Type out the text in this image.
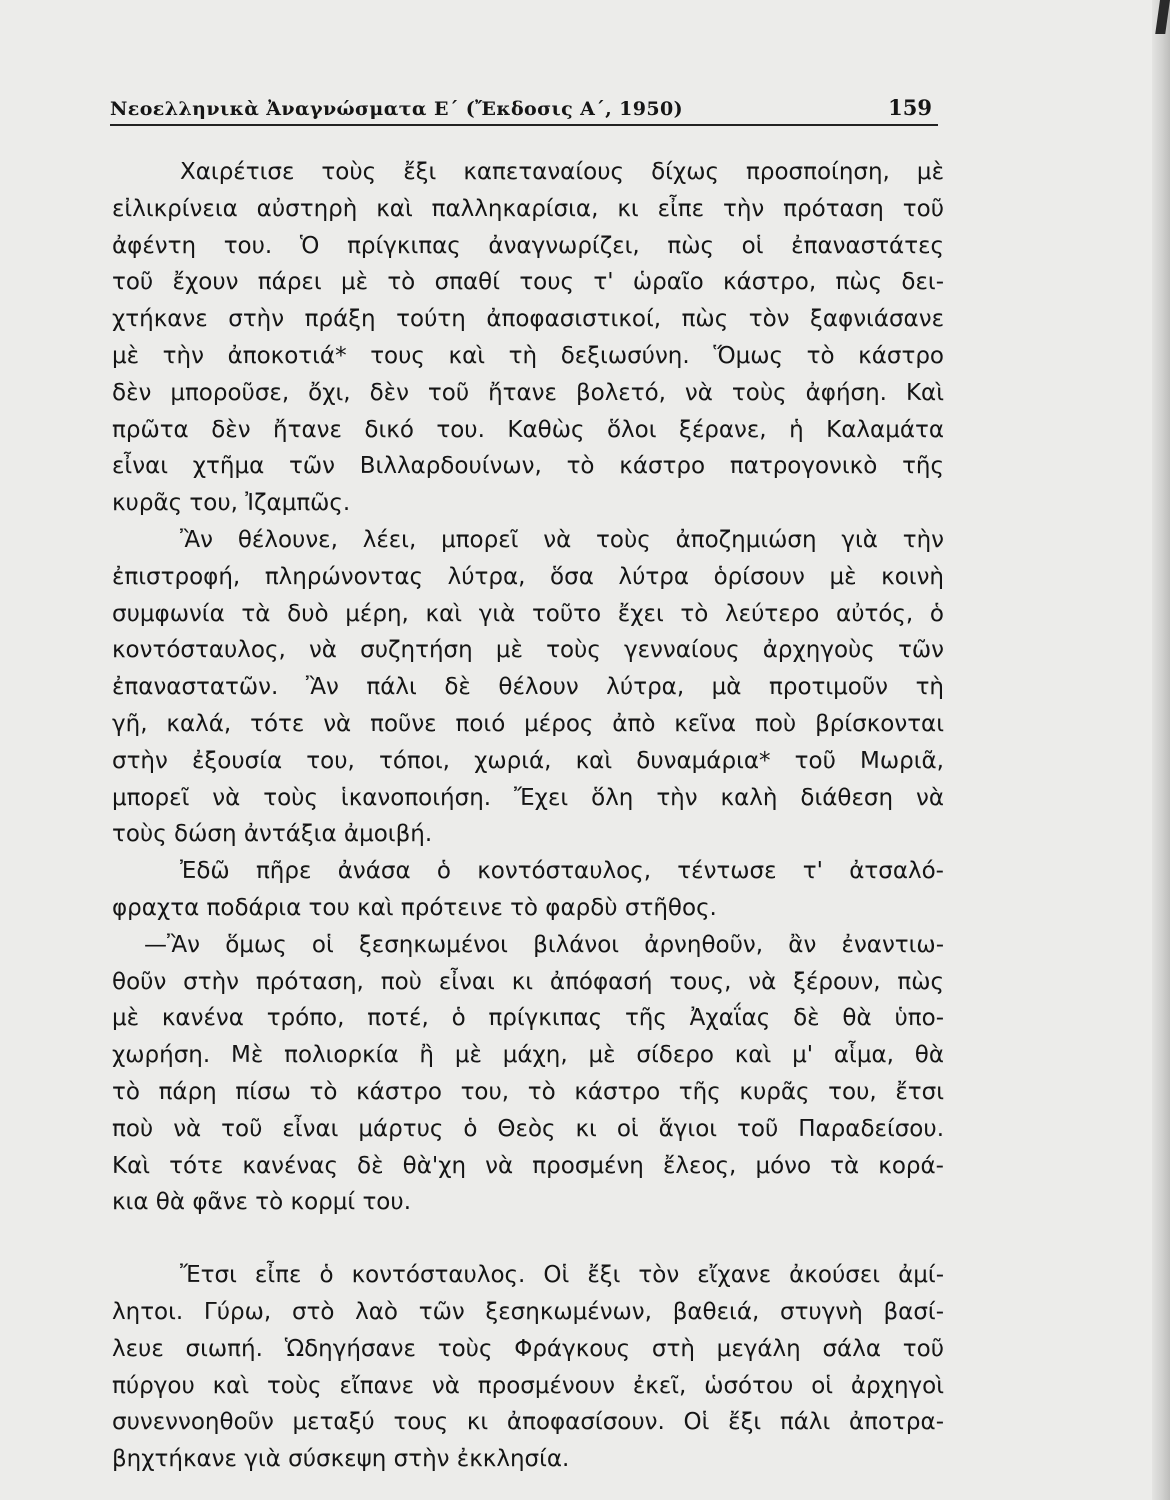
Νεοελληνικὰ Ἀναγνώσματα Ε΄ (Ἔκδοσις Α΄, 1950)	159
Χαιρέτισε τοὺς ἔξι καπεταναίους δίχως προσποίηση, μὲ
εἰλικρίνεια αὐστηρὴ καὶ παλληκαρίσια, κι εἶπε τὴν πρόταση τοῦ
ἀφέντη του. Ὁ πρίγκιπας ἀναγνωρίζει, πὼς οἱ ἐπαναστάτες
τοῦ ἔχουν πάρει μὲ τὸ σπαθί τους τ' ὡραῖο κάστρο, πὼς δει-
χτήκανε στὴν πράξη τούτη ἀποφασιστικοί, πὼς τὸν ξαφνιάσανε
μὲ τὴν ἀποκοτιά* τους καὶ τὴ δεξιωσύνη. Ὅμως τὸ κάστρο
δὲν μποροῦσε, ὄχι, δὲν τοῦ ἤτανε βολετό, νὰ τοὺς ἀφήση. Καὶ
πρῶτα δὲν ἤτανε δικό του. Καθὼς ὅλοι ξέρανε, ἡ Καλαμάτα
εἶναι χτῆμα τῶν Βιλλαρδουίνων, τὸ κάστρο πατρογονικὸ τῆς
κυρᾶς του, Ἰζαμπῶς.
Ἂν θέλουνε, λέει, μπορεῖ νὰ τοὺς ἀποζημιώση γιὰ τὴν
ἐπιστροφή, πληρώνοντας λύτρα, ὅσα λύτρα ὁρίσουν μὲ κοινὴ
συμφωνία τὰ δυὸ μέρη, καὶ γιὰ τοῦτο ἔχει τὸ λεύτερο αὐτός, ὁ
κοντόσταυλος, νὰ συζητήση μὲ τοὺς γενναίους ἀρχηγοὺς τῶν
ἐπαναστατῶν. Ἂν πάλι δὲ θέλουν λύτρα, μὰ προτιμοῦν τὴ
γῆ, καλά, τότε νὰ ποῦνε ποιό μέρος ἀπὸ κεῖνα ποὺ βρίσκονται
στὴν ἐξουσία του, τόποι, χωριά, καὶ δυναμάρια* τοῦ Μωριᾶ,
μπορεῖ νὰ τοὺς ἱκανοποιήση. Ἔχει ὅλη τὴν καλὴ διάθεση νὰ
τοὺς δώση ἀντάξια ἀμοιβή.
Ἐδῶ πῆρε ἀνάσα ὁ κοντόσταυλος, τέντωσε τ' ἀτσαλό-
φραχτα ποδάρια του καὶ πρότεινε τὸ φαρδὺ στῆθος.
—Ἂν ὅμως οἱ ξεσηκωμένοι βιλάνοι ἀρνηθοῦν, ἂν ἐναντιω-
θοῦν στὴν πρόταση, ποὺ εἶναι κι ἀπόφασή τους, νὰ ξέρουν, πὼς
μὲ κανένα τρόπο, ποτέ, ὁ πρίγκιπας τῆς Ἀχαΐας δὲ θὰ ὑπο-
χωρήση. Μὲ πολιορκία ἢ μὲ μάχη, μὲ σίδερο καὶ μ' αἷμα, θὰ
τὸ πάρη πίσω τὸ κάστρο του, τὸ κάστρο τῆς κυρᾶς του, ἔτσι
ποὺ νὰ τοῦ εἶναι μάρτυς ὁ Θεὸς κι οἱ ἅγιοι τοῦ Παραδείσου.
Καὶ τότε κανένας δὲ θὰ'χη νὰ προσμένη ἔλεος, μόνο τὰ κορά-
κια θὰ φᾶνε τὸ κορμί του.
Ἔτσι εἶπε ὁ κοντόσταυλος. Οἱ ἔξι τὸν εἴχανε ἀκούσει ἀμί-
λητοι. Γύρω, στὸ λαὸ τῶν ξεσηκωμένων, βαθειά, στυγνὴ βασί-
λευε σιωπή. Ὡδηγήσανε τοὺς Φράγκους στὴ μεγάλη σάλα τοῦ
πύργου καὶ τοὺς εἴπανε νὰ προσμένουν ἐκεῖ, ὡσότου οἱ ἀρχηγοὶ
συνεννοηθοῦν μεταξύ τους κι ἀποφασίσουν. Οἱ ἔξι πάλι ἀποτρα-
βηχτήκανε γιὰ σύσκεψη στὴν ἐκκλησία.
